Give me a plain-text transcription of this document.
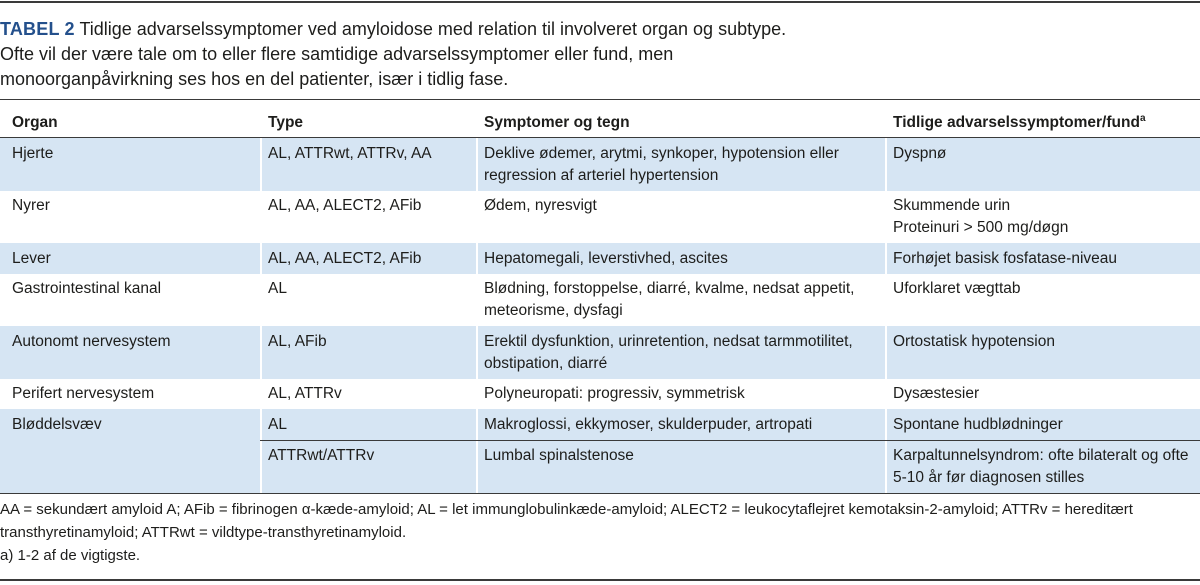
TABEL 2 Tidlige advarselssymptomer ved amyloidose med relation til involveret organ og subtype. Ofte vil der være tale om to eller flere samtidige advarselssymptomer eller fund, men monoorganpåvirkning ses hos en del patienter, især i tidlig fase.

Organ	Type	Symptomer og tegn	Tidlige advarselssymptomer/fund$^a$
Hjerte	AL, ATTRwt, ATTRv, AA	Deklive ødemer, arytmi, synkoper, hypotension eller regression af arteriel hypertension	Dyspnø

Nyrer	AL, AA, ALECT2, AFib	Ødem, nyresvigt	Skummende urin
Proteinuri > 500 mg/døgn

Lever	AL, AA, ALECT2, AFib	Hepatomegali, leverstivhed, ascites	Forhøjet basisk fosfatase-niveau

Gastrointestinal kanal	AL	Blødning, forstoppelse, diarré, kvalme, nedsat appetit, meteorisme, dysfagi	Uforklaret vægttab

Autonomt nervesystem	AL, AFib	Erektil dysfunktion, urinretention, nedsat tarmmotilitet, obstipation, diarré	Ortostatisk hypotension

Perifert nervesystem	AL, ATTRv	Polyneuropati: progressiv, symmetrisk	Dysæstesier

Bløddelsvæv	AL	Makroglossi, ekkymoser, skulderpuder, artropati	Spontane hudblødninger

	ATTRwt/ATTRv	Lumbal spinalstenose	Karpaltunnelsyndrom: ofte bilateralt og ofte 5-10 år før diagnosen stilles

AA = sekundært amyloid A; AFib = fibrinogen α-kæde-amyloid; AL = let immunglobulinkæde-amyloid; ALECT2 = leukocytaflejret kemotaksin-2-amyloid; ATTRv = hereditært transthyretinamyloid; ATTRwt = vildtype-transthyretinamyloid.

a) 1-2 af de vigtigste.
